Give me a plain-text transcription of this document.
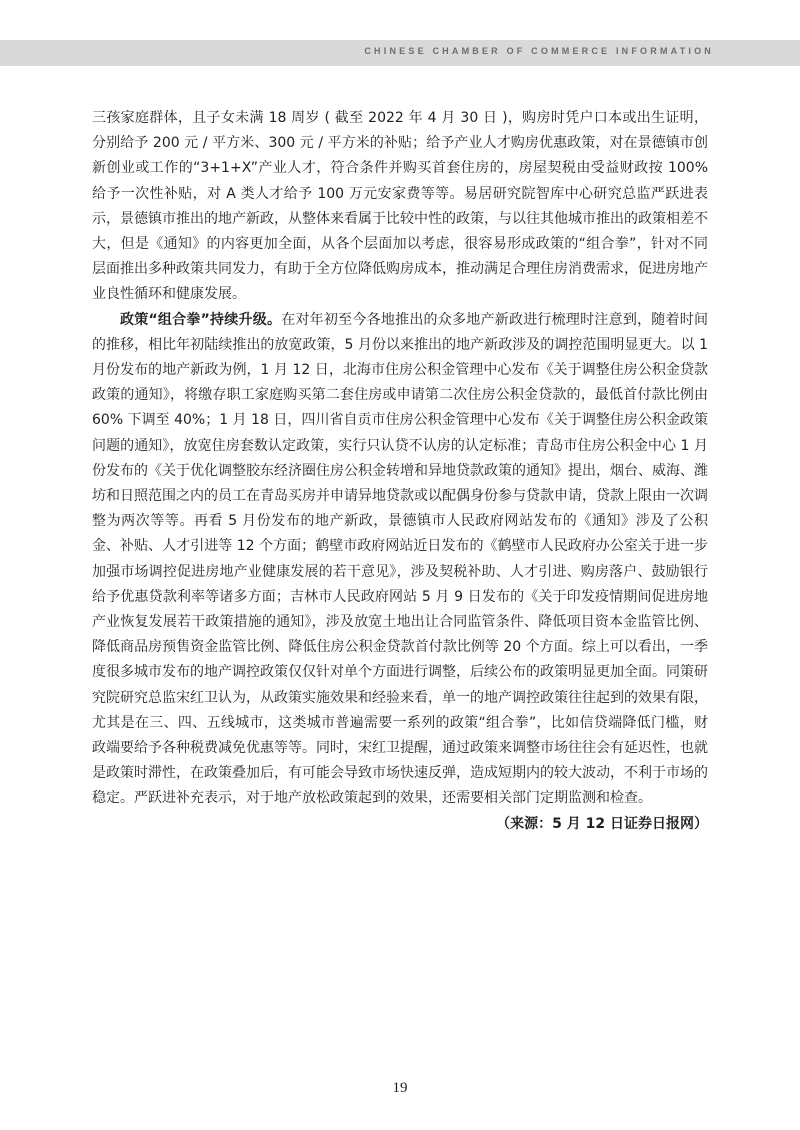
CHINESE CHAMBER OF COMMERCE INFORMATION

三孩家庭群体，且子女未满 18 周岁 ( 截至 2022 年 4 月 30 日 )，购房时凭户口本或出生证明，分别给予 200 元 / 平方米、300 元 / 平方米的补贴；给予产业人才购房优惠政策，对在景德镇市创新创业或工作的“3+1+X”产业人才，符合条件并购买首套住房的，房屋契税由受益财政按 100% 给予一次性补贴，对 A 类人才给予 100 万元安家费等等。易居研究院智库中心研究总监严跃进表示，景德镇市推出的地产新政，从整体来看属于比较中性的政策，与以往其他城市推出的政策相差不大，但是《通知》的内容更加全面，从各个层面加以考虑，很容易形成政策的“组合拳”，针对不同层面推出多种政策共同发力，有助于全方位降低购房成本，推动满足合理住房消费需求，促进房地产业良性循环和健康发展。

政策“组合拳”持续升级。在对年初至今各地推出的众多地产新政进行梳理时注意到，随着时间的推移，相比年初陆续推出的放宽政策，5 月份以来推出的地产新政涉及的调控范围明显更大。以 1 月份发布的地产新政为例，1 月 12 日，北海市住房公积金管理中心发布《关于调整住房公积金贷款政策的通知》，将缴存职工家庭购买第二套住房或申请第二次住房公积金贷款的，最低首付款比例由 60% 下调至 40%；1 月 18 日，四川省自贡市住房公积金管理中心发布《关于调整住房公积金政策问题的通知》，放宽住房套数认定政策，实行只认贷不认房的认定标准；青岛市住房公积金中心 1 月份发布的《关于优化调整胶东经济圈住房公积金转增和异地贷款政策的通知》提出，烟台、威海、潍坊和日照范围之内的员工在青岛买房并申请异地贷款或以配偶身份参与贷款申请，贷款上限由一次调整为两次等等。再看 5 月份发布的地产新政，景德镇市人民政府网站发布的《通知》涉及了公积金、补贴、人才引进等 12 个方面；鹤壁市政府网站近日发布的《鹤壁市人民政府办公室关于进一步加强市场调控促进房地产业健康发展的若干意见》，涉及契税补助、人才引进、购房落户、鼓励银行给予优惠贷款利率等诸多方面；吉林市人民政府网站 5 月 9 日发布的《关于印发疫情期间促进房地产业恢复发展若干政策措施的通知》，涉及放宽土地出让合同监管条件、降低项目资本金监管比例、降低商品房预售资金监管比例、降低住房公积金贷款首付款比例等 20 个方面。综上可以看出，一季度很多城市发布的地产调控政策仅仅针对单个方面进行调整，后续公布的政策明显更加全面。同策研究院研究总监宋红卫认为，从政策实施效果和经验来看，单一的地产调控政策往往起到的效果有限，尤其是在三、四、五线城市，这类城市普遍需要一系列的政策“组合拳”，比如信贷端降低门槛，财政端要给予各种税费减免优惠等等。同时，宋红卫提醒，通过政策来调整市场往往会有延迟性，也就是政策时滞性，在政策叠加后，有可能会导致市场快速反弹，造成短期内的较大波动，不利于市场的稳定。严跃进补充表示，对于地产放松政策起到的效果，还需要相关部门定期监测和检查。

（来源：5 月 12 日证券日报网）

19
